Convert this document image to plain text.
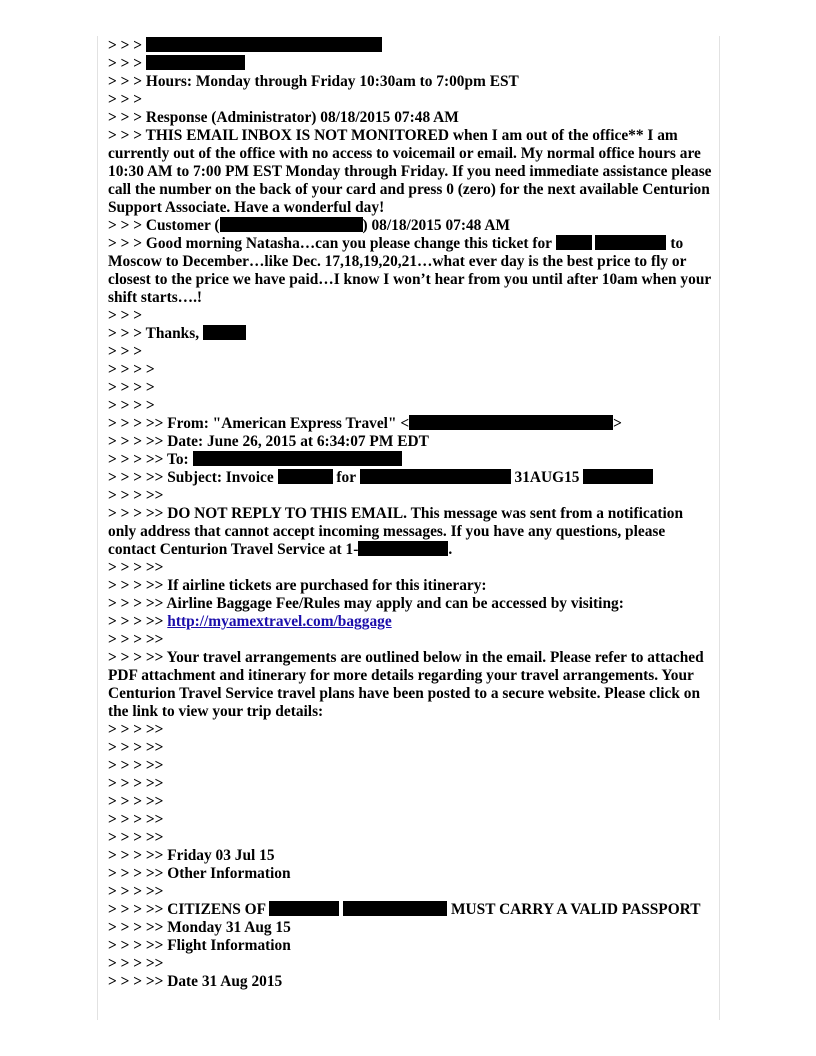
> > >
> > >
> > > Hours: Monday through Friday 10:30am to 7:00pm EST
> > >
> > > Response (Administrator) 08/18/2015 07:48 AM
> > > THIS EMAIL INBOX IS NOT MONITORED when I am out of the office** I am currently out of the office with no access to voicemail or email. My normal office hours are 10:30 AM to 7:00 PM EST Monday through Friday. If you need immediate assistance please call the number on the back of your card and press 0 (zero) for the next available Centurion Support Associate. Have a wonderful day!
> > > Customer (	) 08/18/2015 07:48 AM
> > > Good morning Natasha…can you please change this ticket for	to Moscow to December…like Dec. 17,18,19,20,21…what ever day is the best price to fly or closest to the price we have paid…I know I won’t hear from you until after 10am when your shift starts….!
> > >
> > > Thanks,
> > >
> > > >
> > > >
> > > >
> > > >> From: "American Express Travel" <	>
> > > >> Date: June 26, 2015 at 6:34:07 PM EDT
> > > >> To:
> > > >> Subject: Invoice	for	31AUG15
> > > >>
> > > >> DO NOT REPLY TO THIS EMAIL. This message was sent from a notification only address that cannot accept incoming messages. If you have any questions, please contact Centurion Travel Service at 1-	.
> > > >>
> > > >> If airline tickets are purchased for this itinerary:
> > > >> Airline Baggage Fee/Rules may apply and can be accessed by visiting:
> > > >> http://myamextravel.com/baggage
> > > >>
> > > >> Your travel arrangements are outlined below in the email. Please refer to attached PDF attachment and itinerary for more details regarding your travel arrangements. Your Centurion Travel Service travel plans have been posted to a secure website. Please click on the link to view your trip details:
> > > >>
> > > >>
> > > >>
> > > >>
> > > >>
> > > >>
> > > >>
> > > >> Friday 03 Jul 15
> > > >> Other Information
> > > >>
> > > >> CITIZENS OF	MUST CARRY A VALID PASSPORT
> > > >> Monday 31 Aug 15
> > > >> Flight Information
> > > >>
> > > >> Date 31 Aug 2015
